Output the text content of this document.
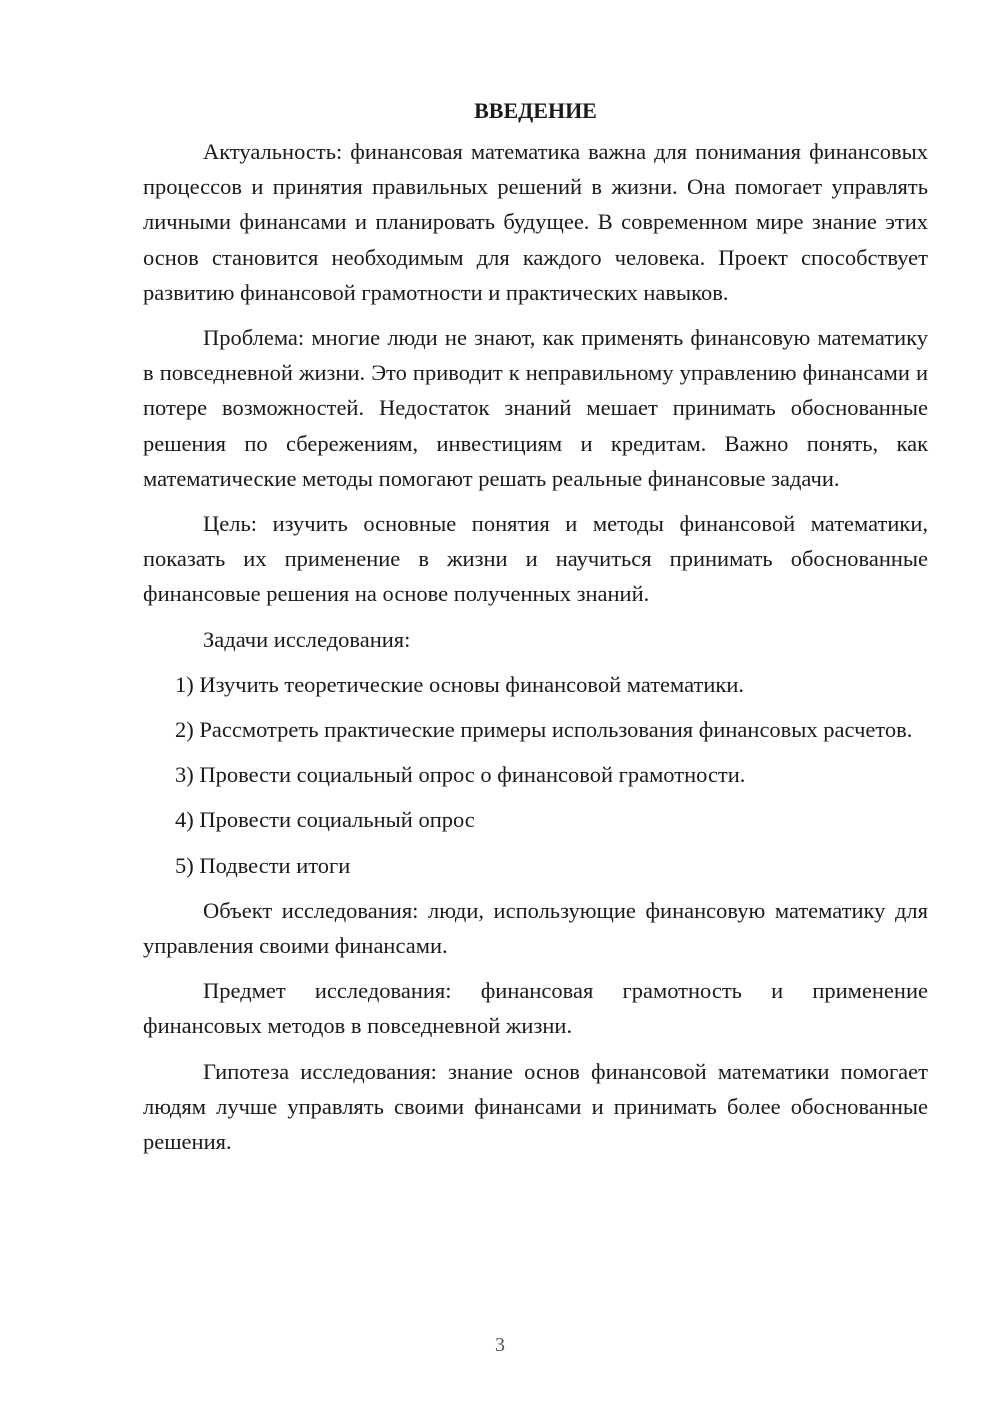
ВВЕДЕНИЕ

Актуальность: финансовая математика важна для понимания финансовых процессов и принятия правильных решений в жизни. Она помогает управлять личными финансами и планировать будущее. В современном мире знание этих основ становится необходимым для каждого человека. Проект способствует развитию финансовой грамотности и практических навыков.

Проблема: многие люди не знают, как применять финансовую математику в повседневной жизни. Это приводит к неправильному управлению финансами и потере возможностей. Недостаток знаний мешает принимать обоснованные решения по сбережениям, инвестициям и кредитам. Важно понять, как математические методы помогают решать реальные финансовые задачи.

Цель: изучить основные понятия и методы финансовой математики, показать их применение в жизни и научиться принимать обоснованные финансовые решения на основе полученных знаний.

Задачи исследования:

1) Изучить теоретические основы финансовой математики.

2) Рассмотреть практические примеры использования финансовых расчетов.

3) Провести социальный опрос о финансовой грамотности.

4) Провести социальный опрос

5) Подвести итоги

Объект исследования: люди, использующие финансовую математику для управления своими финансами.

Предмет исследования: финансовая грамотность и применение финансовых методов в повседневной жизни.

Гипотеза исследования: знание основ финансовой математики помогает людям лучше управлять своими финансами и принимать более обоснованные решения.

3
